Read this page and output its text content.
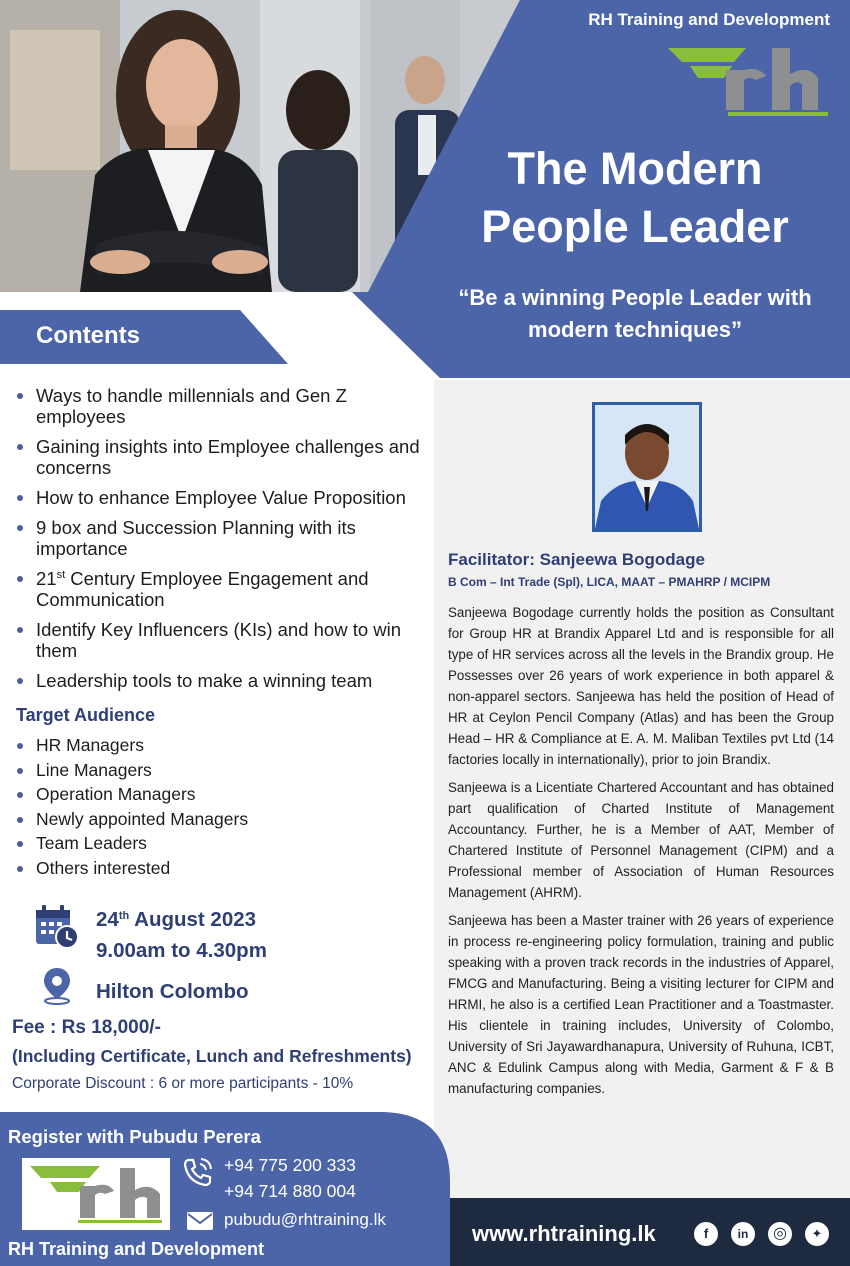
RH Training and Development
The Modern
People Leader
“Be a winning People Leader with modern techniques”
Contents
Ways to handle millennials and Gen Z employees
Gaining insights into Employee challenges and concerns
How to enhance Employee Value Proposition
9 box and Succession Planning with its importance
21st Century Employee Engagement and Communication
Identify Key Influencers (KIs) and how to win them
Leadership tools to make a winning team
Target Audience
HR Managers
Line Managers
Operation Managers
Newly appointed Managers
Team Leaders
Others interested
24th August 2023
9.00am to 4.30pm
Hilton Colombo
Fee : Rs 18,000/-
(Including Certificate, Lunch and Refreshments)
Corporate Discount : 6 or more participants - 10%
Facilitator: Sanjeewa Bogodage
B Com – Int Trade (Spl), LICA, MAAT – PMAHRP / MCIPM

Sanjeewa Bogodage currently holds the position as Consultant for Group HR at Brandix Apparel Ltd and is responsible for all type of HR services across all the levels in the Brandix group. He Possesses over 26 years of work experience in both apparel & non-apparel sectors. Sanjeewa has held the position of Head of HR at Ceylon Pencil Company (Atlas) and has been the Group Head – HR & Compliance at E. A. M. Maliban Textiles pvt Ltd (14 factories locally in internationally), prior to join Brandix.

Sanjeewa is a Licentiate Chartered Accountant and has obtained part qualification of Charted Institute of Management Accountancy. Further, he is a Member of AAT, Member of Chartered Institute of Personnel Management (CIPM) and a Professional member of Association of Human Resources Management (AHRM).

Sanjeewa has been a Master trainer with 26 years of experience in process re-engineering policy formulation, training and public speaking with a proven track records in the industries of Apparel, FMCG and Manufacturing. Being a visiting lecturer for CIPM and HRMI, he also is a certified Lean Practitioner and a Toastmaster. His clientele in training includes, University of Colombo, University of Sri Jayawardhanapura, University of Ruhuna, ICBT, ANC & Edulink Campus along with Media, Garment & F & B manufacturing companies.

Register with Pubudu Perera
+94 775 200 333
+94 714 880 004
pubudu@rhtraining.lk
RH Training and Development
www.rhtraining.lk	f	in	◎	✦
